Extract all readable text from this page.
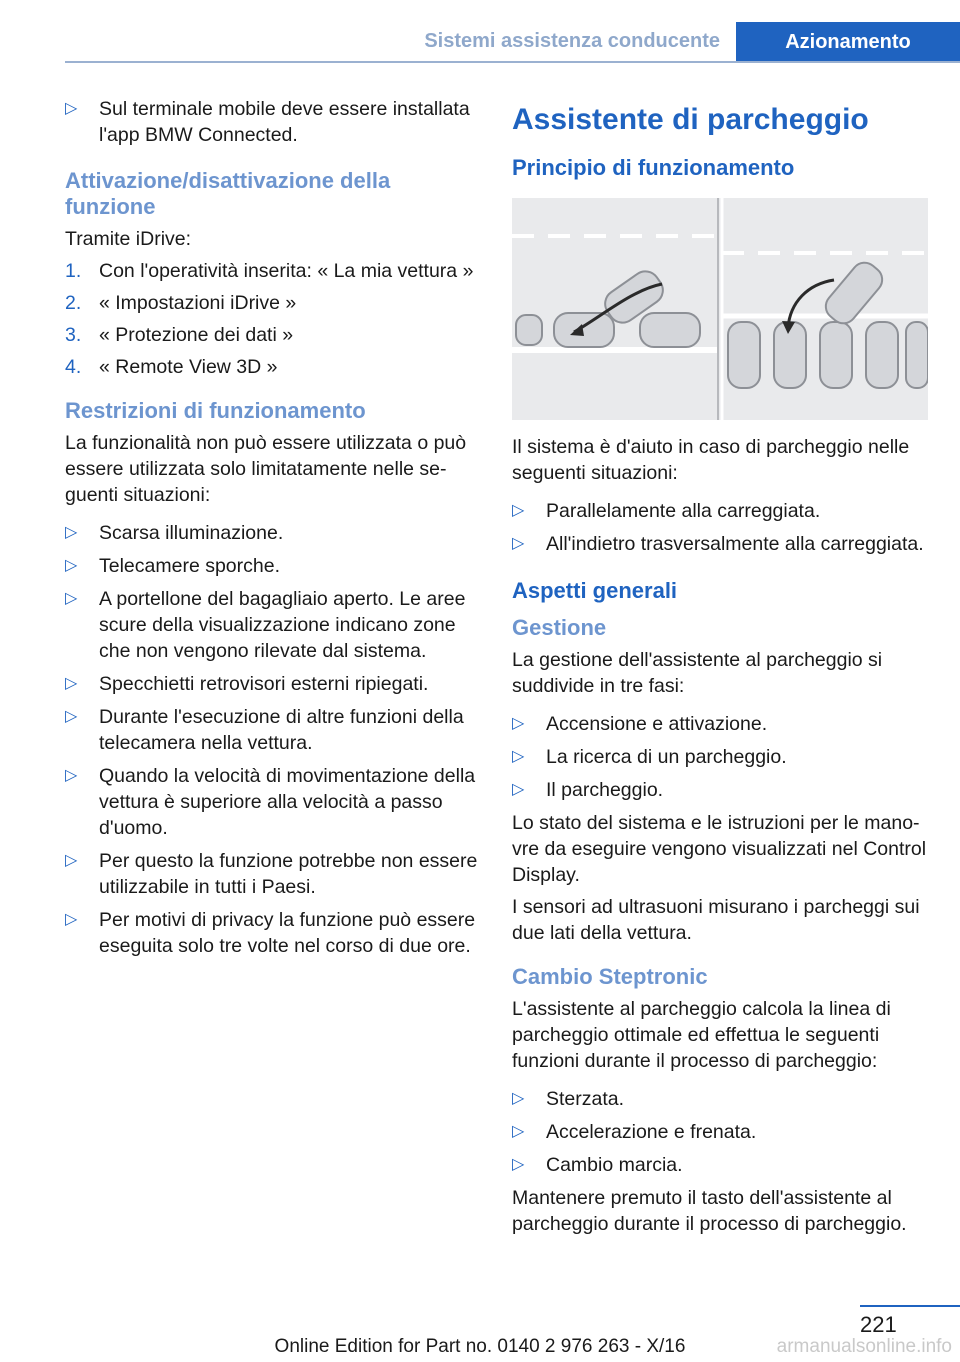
Sistemi assistenza conducente	Azionamento
▷ Sul terminale mobile deve essere installata l'app BMW Connected.
Attivazione/disattivazione della funzione

Tramite iDrive:

1. Con l'operatività inserita: « La mia vettura »
2. « Impostazioni iDrive »
3. « Protezione dei dati »
4. « Remote View 3D »
Restrizioni di funzionamento

La funzionalità non può essere utilizzata o può essere utilizzata solo limitatamente nelle seguenti situazioni:

▷ Scarsa illuminazione.
▷ Telecamere sporche.
▷ A portellone del bagagliaio aperto. Le aree scure della visualizzazione indicano zone che non vengono rilevate dal sistema.
▷ Specchietti retrovisori esterni ripiegati.
▷ Durante l'esecuzione di altre funzioni della telecamera nella vettura.
▷ Quando la velocità di movimentazione della vettura è superiore alla velocità a passo d'uomo.
▷ Per questo la funzione potrebbe non essere utilizzabile in tutti i Paesi.
▷ Per motivi di privacy la funzione può essere eseguita solo tre volte nel corso di due ore.
Assistente di parcheggio
Principio di funzionamento

Il sistema è d'aiuto in caso di parcheggio nelle seguenti situazioni:

▷ Parallelamente alla carreggiata.
▷ All'indietro trasversalmente alla carreggiata.
Aspetti generali
Gestione

La gestione dell'assistente al parcheggio si suddivide in tre fasi:

▷ Accensione e attivazione.
▷ La ricerca di un parcheggio.
▷ Il parcheggio.

Lo stato del sistema e le istruzioni per le manovre da eseguire vengono visualizzati nel Control Display.

I sensori ad ultrasuoni misurano i parcheggi sui due lati della vettura.

Cambio Steptronic

L'assistente al parcheggio calcola la linea di parcheggio ottimale ed effettua le seguenti funzioni durante il processo di parcheggio:

▷ Sterzata.
▷ Accelerazione e frenata.
▷ Cambio marcia.

Mantenere premuto il tasto dell'assistente al parcheggio durante il processo di parcheggio.

221
Online Edition for Part no. 0140 2 976 263 - X/16	armanualsonline.info
